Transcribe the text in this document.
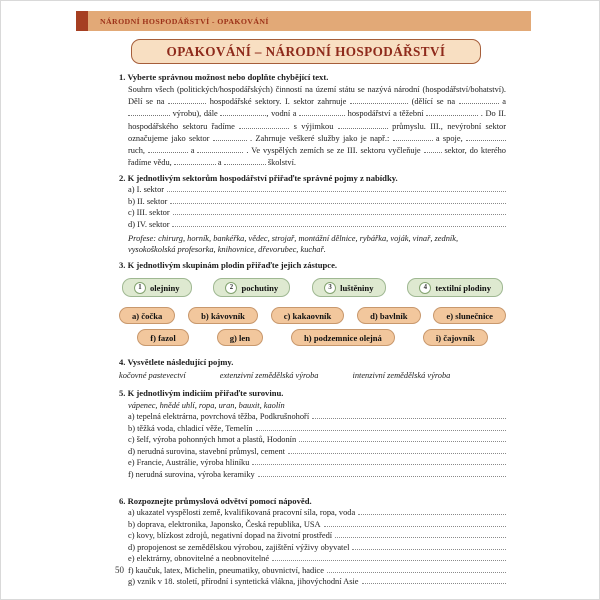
NÁRODNÍ HOSPODÁŘSTVÍ - OPAKOVÁNÍ
OPAKOVÁNÍ – NÁRODNÍ HOSPODÁŘSTVÍ
1. Vyberte správnou možnost nebo doplňte chybějící text.

Souhrn všech (politických/hospodářských) činností na území státu se nazývá národní (hospodářství/bohatství). Dělí se na	hospodářské sektory. I. sektor zahrnuje	(dělící se na	a  výrobu), dále	, vodní a	hospodářství a těžební	. Do II. hospodářského sektoru řadíme	s výjimkou	průmyslu. III., nevýrobní sektor označujeme jako sektor	. Zahrnuje veškeré služby jako je např.:	a spoje,  ruch,	a	. Ve vyspělých zemích se ze III. sektoru vyčleňuje  sektor, do kterého řadíme vědu,	a	školství.

2. K jednotlivým sektorům hospodářství přiřaďte správné pojmy z nabídky.
a) I. sektor
b) II. sektor
c) III. sektor
d) IV. sektor

Profese: chirurg, horník, bankéřka, vědec, strojař, montážní dělnice, rybářka, voják, vinař, zedník, vysokoškolská profesorka, knihovnice, dřevorubec, kuchař.

3. K jednotlivým skupinám plodin přiřaďte jejich zástupce.
1 olejniny	2 pochutiny	3 luštěniny	4 textilní plodiny
a) čočka	b) kávovník	c) kakaovník	d) bavlník	e) slunečnice
f) fazol	g) len	h) podzemnice olejná	i) čajovník
4. Vysvětlete následující pojmy.
kočovné pastevectví	extenzivní zemědělská výroba	intenzivní zemědělská výroba
5. K jednotlivým indiciím přiřaďte surovinu.

vápenec, hnědé uhlí, ropa, uran, bauxit, kaolín

a) tepelná elektrárna, povrchová těžba, Podkrušnohoří
b) těžká voda, chladicí věže, Temelín
c) šelf, výroba pohonných hmot a plastů, Hodonín
d) nerudná surovina, stavební průmysl, cement
e) Francie, Austrálie, výroba hliníku
f) nerudná surovina, výroba keramiky
6. Rozpoznejte průmyslová odvětví pomocí nápověd.
a) ukazatel vyspělosti země, kvalifikovaná pracovní síla, ropa, voda
b) doprava, elektronika, Japonsko, Česká republika, USA
c) kovy, blízkost zdrojů, negativní dopad na životní prostředí
d) propojenost se zemědělskou výrobou, zajištění výživy obyvatel
e) elektrárny, obnovitelné a neobnovitelné
f) kaučuk, latex, Michelin, pneumatiky, obuvnictví, hadice
g) vznik v 18. století, přírodní i syntetická vlákna, jihovýchodní Asie
50
